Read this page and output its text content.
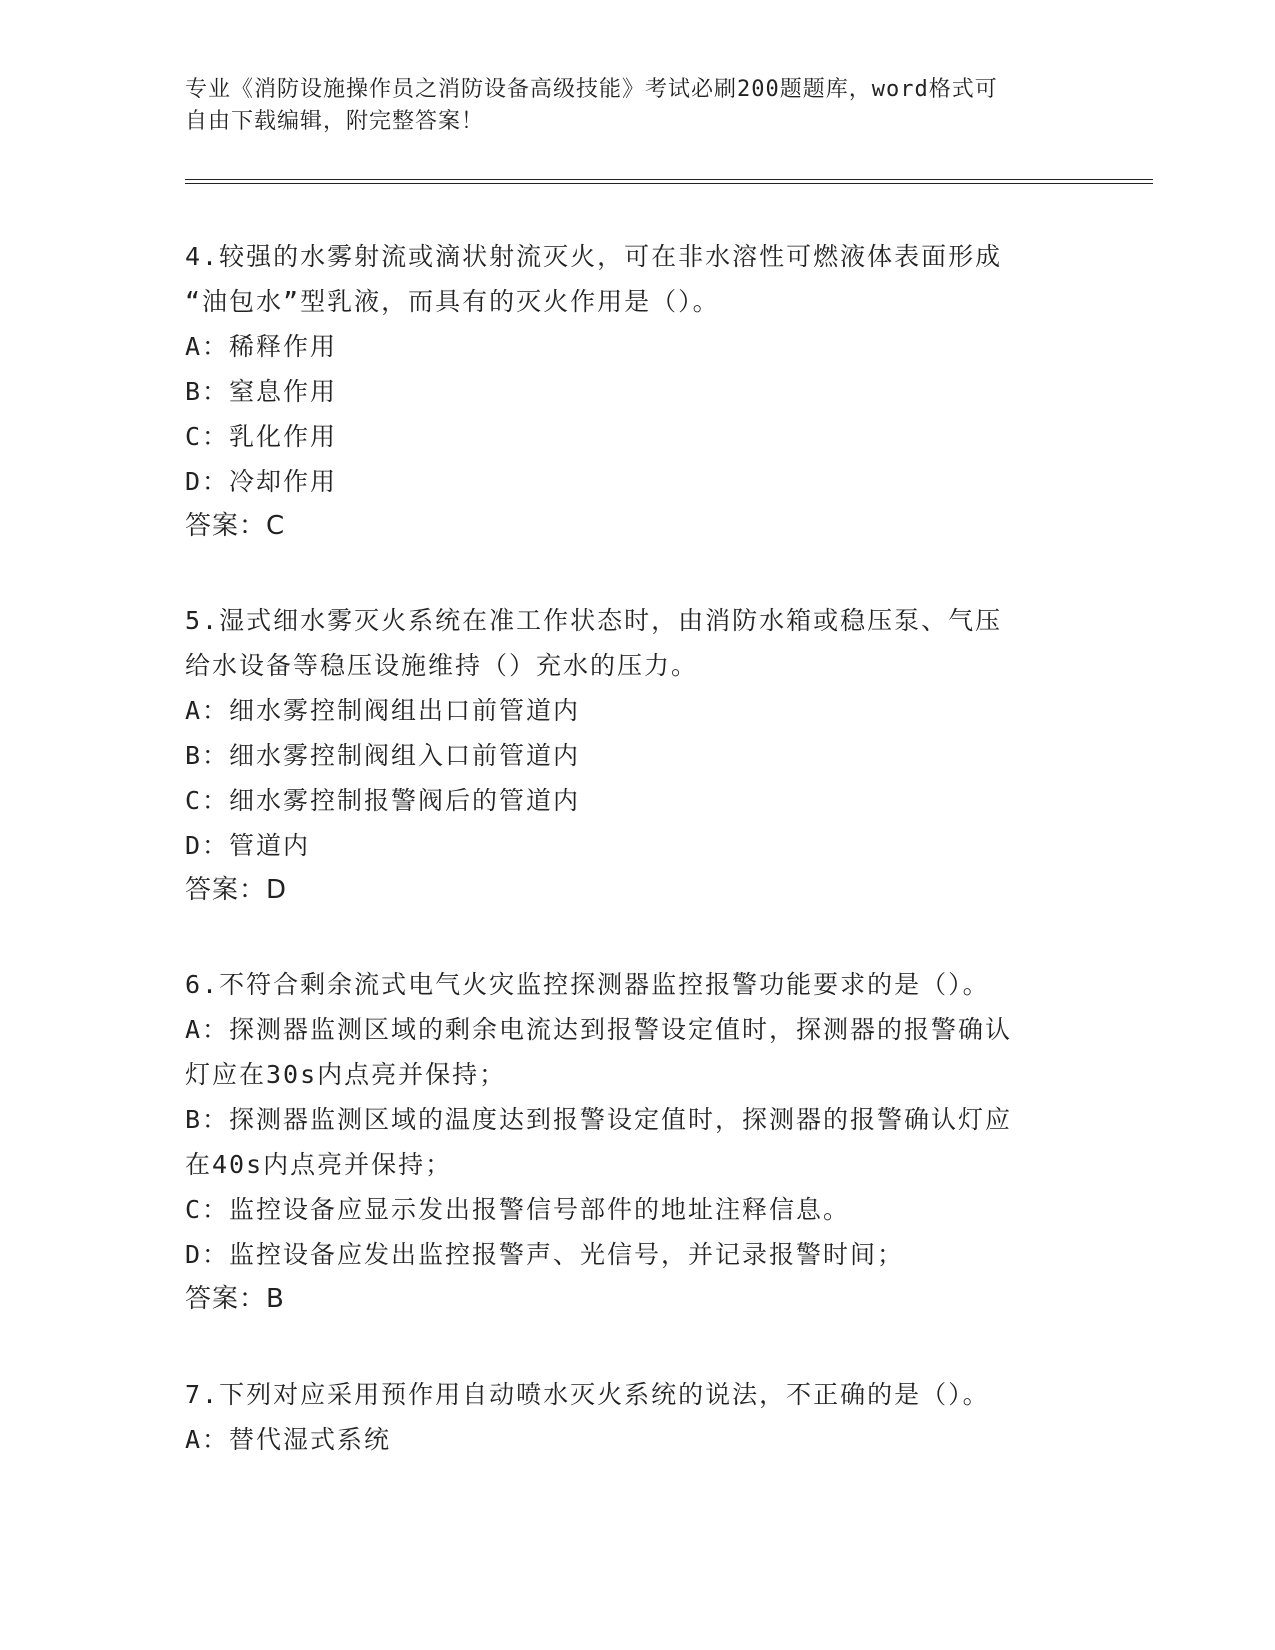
专业《消防设施操作员之消防设备高级技能》考试必刷200题题库，word格式可
自由下载编辑，附完整答案！
4.较强的水雾射流或滴状射流灭火，可在非水溶性可燃液体表面形成
“油包水”型乳液，而具有的灭火作用是（）。
A：稀释作用
B：窒息作用
C：乳化作用
D：冷却作用
答案：C
5.湿式细水雾灭火系统在准工作状态时，由消防水箱或稳压泵、气压
给水设备等稳压设施维持（）充水的压力。
A：细水雾控制阀组出口前管道内
B：细水雾控制阀组入口前管道内
C：细水雾控制报警阀后的管道内
D：管道内
答案：D
6.不符合剩余流式电气火灾监控探测器监控报警功能要求的是（）。
A：探测器监测区域的剩余电流达到报警设定值时，探测器的报警确认
灯应在30s内点亮并保持；
B：探测器监测区域的温度达到报警设定值时，探测器的报警确认灯应
在40s内点亮并保持；
C：监控设备应显示发出报警信号部件的地址注释信息。
D：监控设备应发出监控报警声、光信号，并记录报警时间；
答案：B
7.下列对应采用预作用自动喷水灭火系统的说法，不正确的是（）。
A：替代湿式系统
